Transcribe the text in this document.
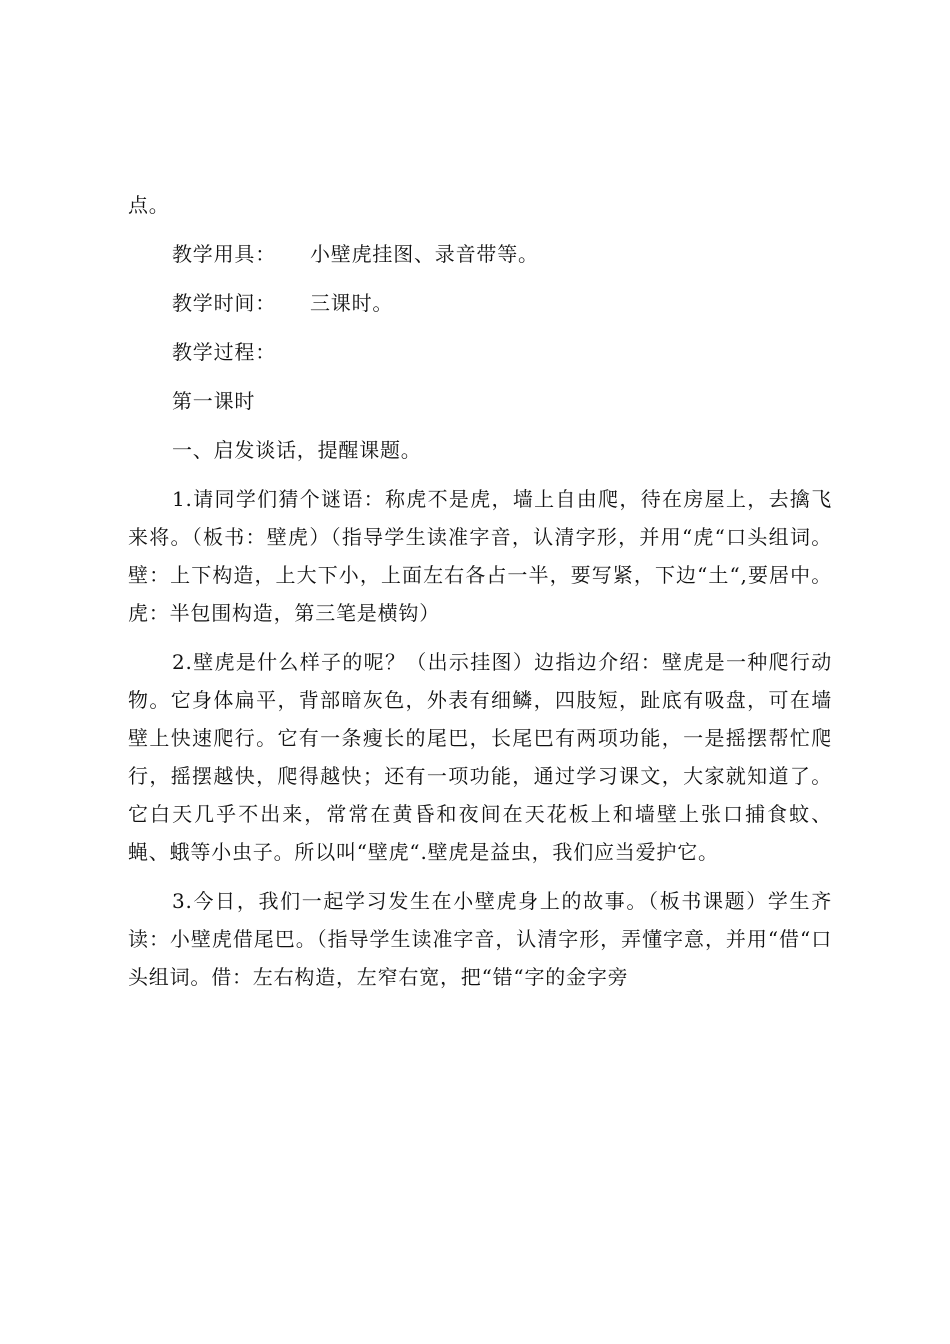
点。

教学用具： 小壁虎挂图、录音带等。

教学时间： 三课时。

教学过程：

第一课时

一、启发谈话，提醒课题。

1.请同学们猜个谜语：称虎不是虎，墙上自由爬，待在房屋上，去擒飞来将。（板书：壁虎）（指导学生读准字音，认清字形，并用“虎“口头组词。壁：上下构造，上大下小，上面左右各占一半，要写紧，下边“土“,要居中。虎：半包围构造，第三笔是横钩）

2.壁虎是什么样子的呢？（出示挂图）边指边介绍：壁虎是一种爬行动物。它身体扁平，背部暗灰色，外表有细鳞，四肢短，趾底有吸盘，可在墙壁上快速爬行。它有一条瘦长的尾巴，长尾巴有两项功能，一是摇摆帮忙爬行，摇摆越快，爬得越快；还有一项功能，通过学习课文，大家就知道了。它白天几乎不出来，常常在黄昏和夜间在天花板上和墙壁上张口捕食蚊、蝇、蛾等小虫子。所以叫“壁虎“.壁虎是益虫，我们应当爱护它。

3.今日，我们一起学习发生在小壁虎身上的故事。（板书课题）学生齐读：小壁虎借尾巴。（指导学生读准字音，认清字形，弄懂字意，并用“借“口头组词。借：左右构造，左窄右宽，把“错“字的金字旁
